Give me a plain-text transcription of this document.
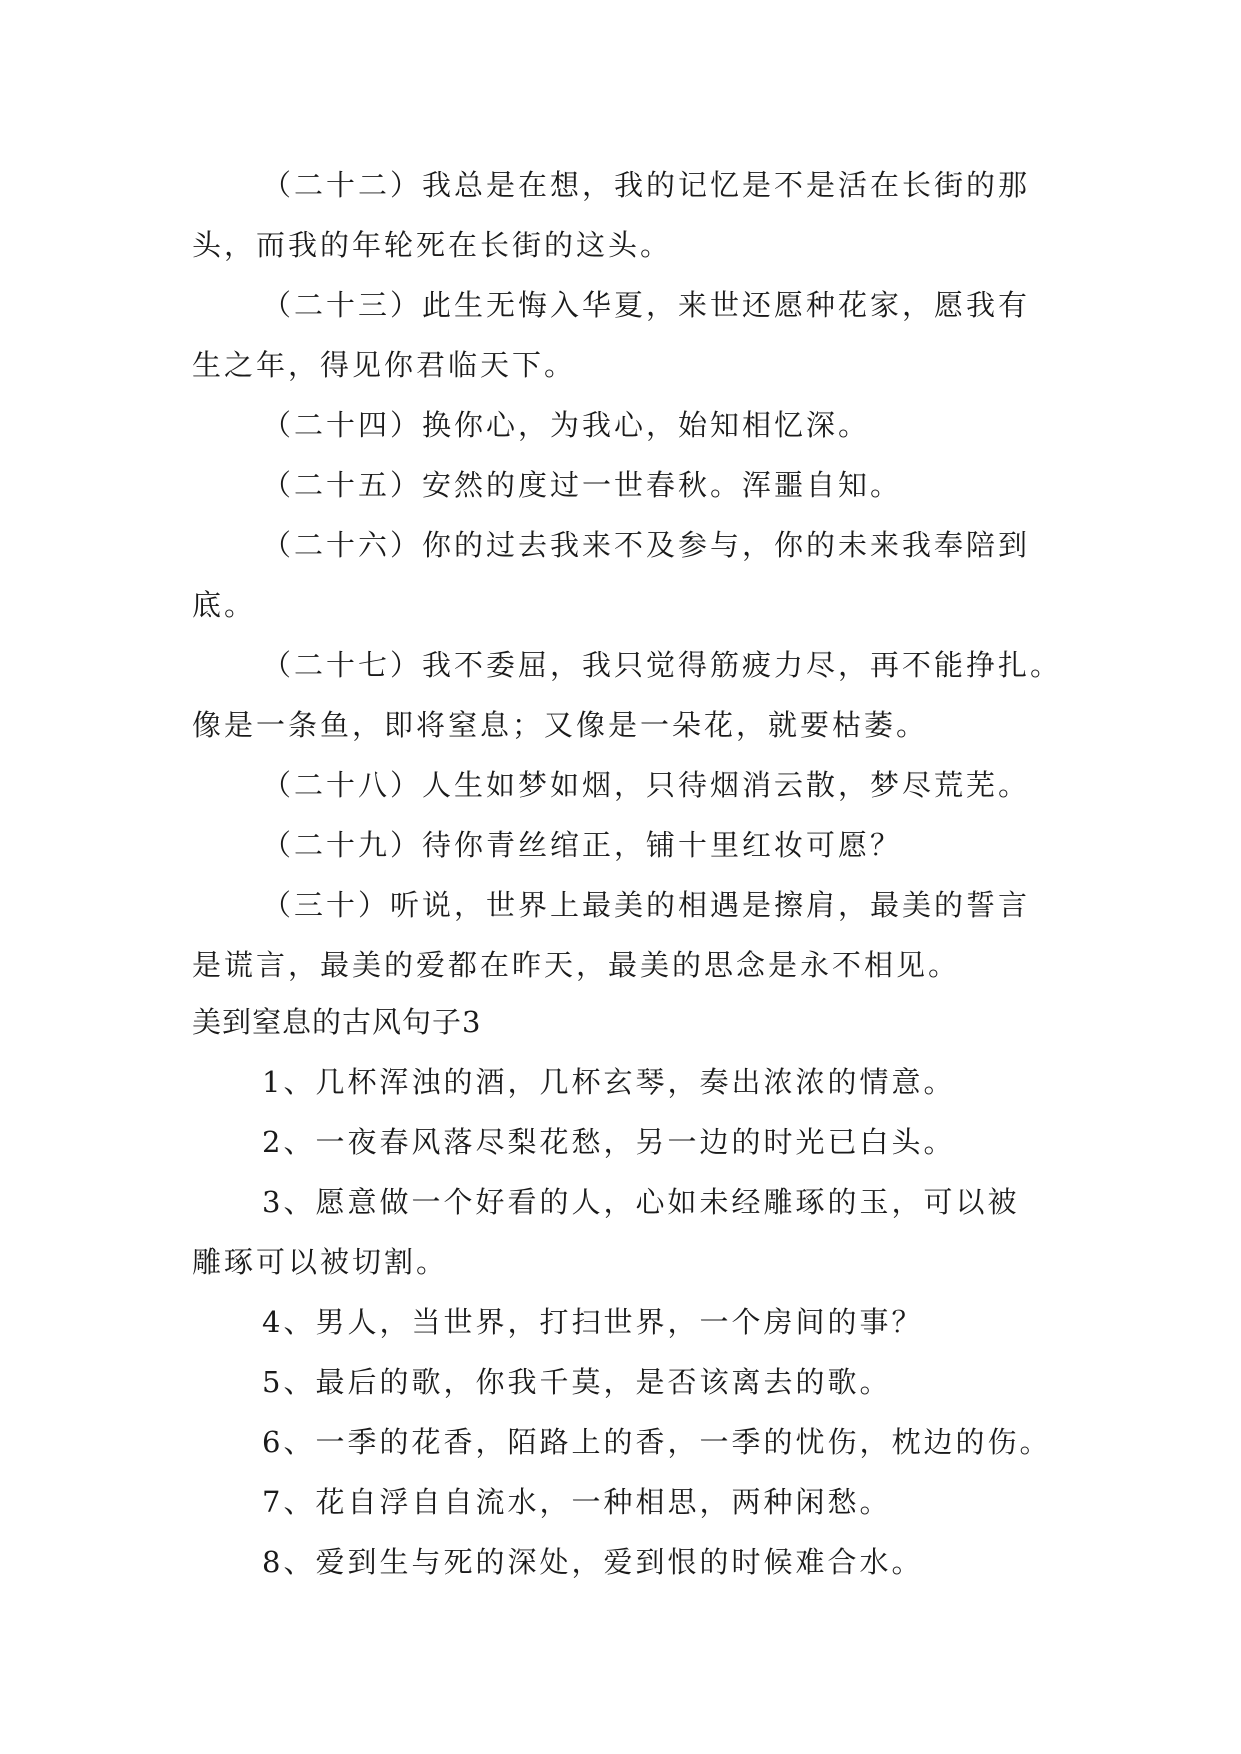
（二十二）我总是在想，我的记忆是不是活在长街的那
头，而我的年轮死在长街的这头。
（二十三）此生无悔入华夏，来世还愿种花家，愿我有
生之年，得见你君临天下。
（二十四）换你心，为我心，始知相忆深。
（二十五）安然的度过一世春秋。浑噩自知。
（二十六）你的过去我来不及参与，你的未来我奉陪到
底。
（二十七）我不委屈，我只觉得筋疲力尽，再不能挣扎。
像是一条鱼，即将窒息；又像是一朵花，就要枯萎。
（二十八）人生如梦如烟，只待烟消云散，梦尽荒芜。
（二十九）待你青丝绾正，铺十里红妆可愿？
（三十）听说，世界上最美的相遇是擦肩，最美的誓言
是谎言，最美的爱都在昨天，最美的思念是永不相见。
美到窒息的古风句子3
1、几杯浑浊的酒，几杯玄琴，奏出浓浓的情意。
2、一夜春风落尽梨花愁，另一边的时光已白头。
3、愿意做一个好看的人，心如未经雕琢的玉，可以被
雕琢可以被切割。
4、男人，当世界，打扫世界，一个房间的事？
5、最后的歌，你我千莫，是否该离去的歌。
6、一季的花香，陌路上的香，一季的忧伤，枕边的伤。
7、花自浮自自流水，一种相思，两种闲愁。
8、爱到生与死的深处，爱到恨的时候难合水。
